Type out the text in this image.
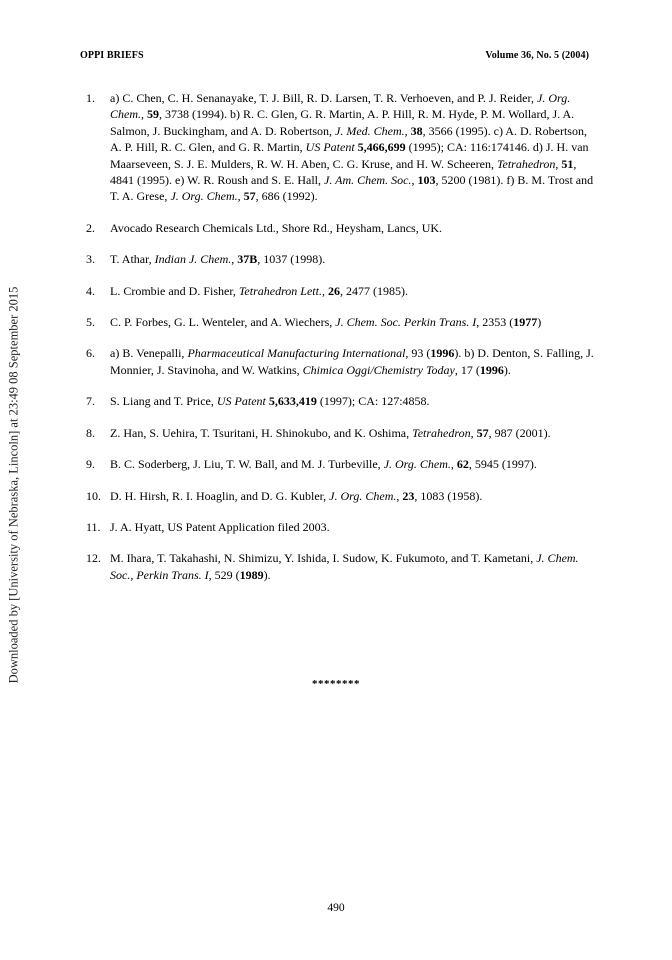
OPPI BRIEFS	Volume 36, No. 5 (2004)
Downloaded by [University of Nebraska, Lincoln] at 23:49 08 September 2015
1.	a) C. Chen, C. H. Senanayake, T. J. Bill, R. D. Larsen, T. R. Verhoeven, and P. J. Reider, J. Org. Chem., 59, 3738 (1994). b) R. C. Glen, G. R. Martin, A. P. Hill, R. M. Hyde, P. M. Wollard, J. A. Salmon, J. Buckingham, and A. D. Robertson, J. Med. Chem., 38, 3566 (1995). c) A. D. Robertson, A. P. Hill, R. C. Glen, and G. R. Martin, US Patent 5,466,699 (1995); CA: 116:174146. d) J. H. van Maarseveen, S. J. E. Mulders, R. W. H. Aben, C. G. Kruse, and H. W. Scheeren, Tetrahedron, 51, 4841 (1995). e) W. R. Roush and S. E. Hall, J. Am. Chem. Soc., 103, 5200 (1981). f) B. M. Trost and T. A. Grese, J. Org. Chem., 57, 686 (1992).
2.	Avocado Research Chemicals Ltd., Shore Rd., Heysham, Lancs, UK.
3.	T. Athar, Indian J. Chem., 37B, 1037 (1998).
4.	L. Crombie and D. Fisher, Tetrahedron Lett., 26, 2477 (1985).
5.	C. P. Forbes, G. L. Wenteler, and A. Wiechers, J. Chem. Soc. Perkin Trans. I, 2353 (1977)
6.	a) B. Venepalli, Pharmaceutical Manufacturing International, 93 (1996). b) D. Denton, S. Falling, J. Monnier, J. Stavinoha, and W. Watkins, Chimica Oggi/Chemistry Today, 17 (1996).
7.	S. Liang and T. Price, US Patent 5,633,419 (1997); CA: 127:4858.
8.	Z. Han, S. Uehira, T. Tsuritani, H. Shinokubo, and K. Oshima, Tetrahedron, 57, 987 (2001).
9.	B. C. Soderberg, J. Liu, T. W. Ball, and M. J. Turbeville, J. Org. Chem., 62, 5945 (1997).
10. D. H. Hirsh, R. I. Hoaglin, and D. G. Kubler, J. Org. Chem., 23, 1083 (1958).
11. J. A. Hyatt, US Patent Application filed 2003.
12. M. Ihara, T. Takahashi, N. Shimizu, Y. Ishida, I. Sudow, K. Fukumoto, and T. Kametani, J. Chem. Soc., Perkin Trans. I, 529 (1989).
********
490
